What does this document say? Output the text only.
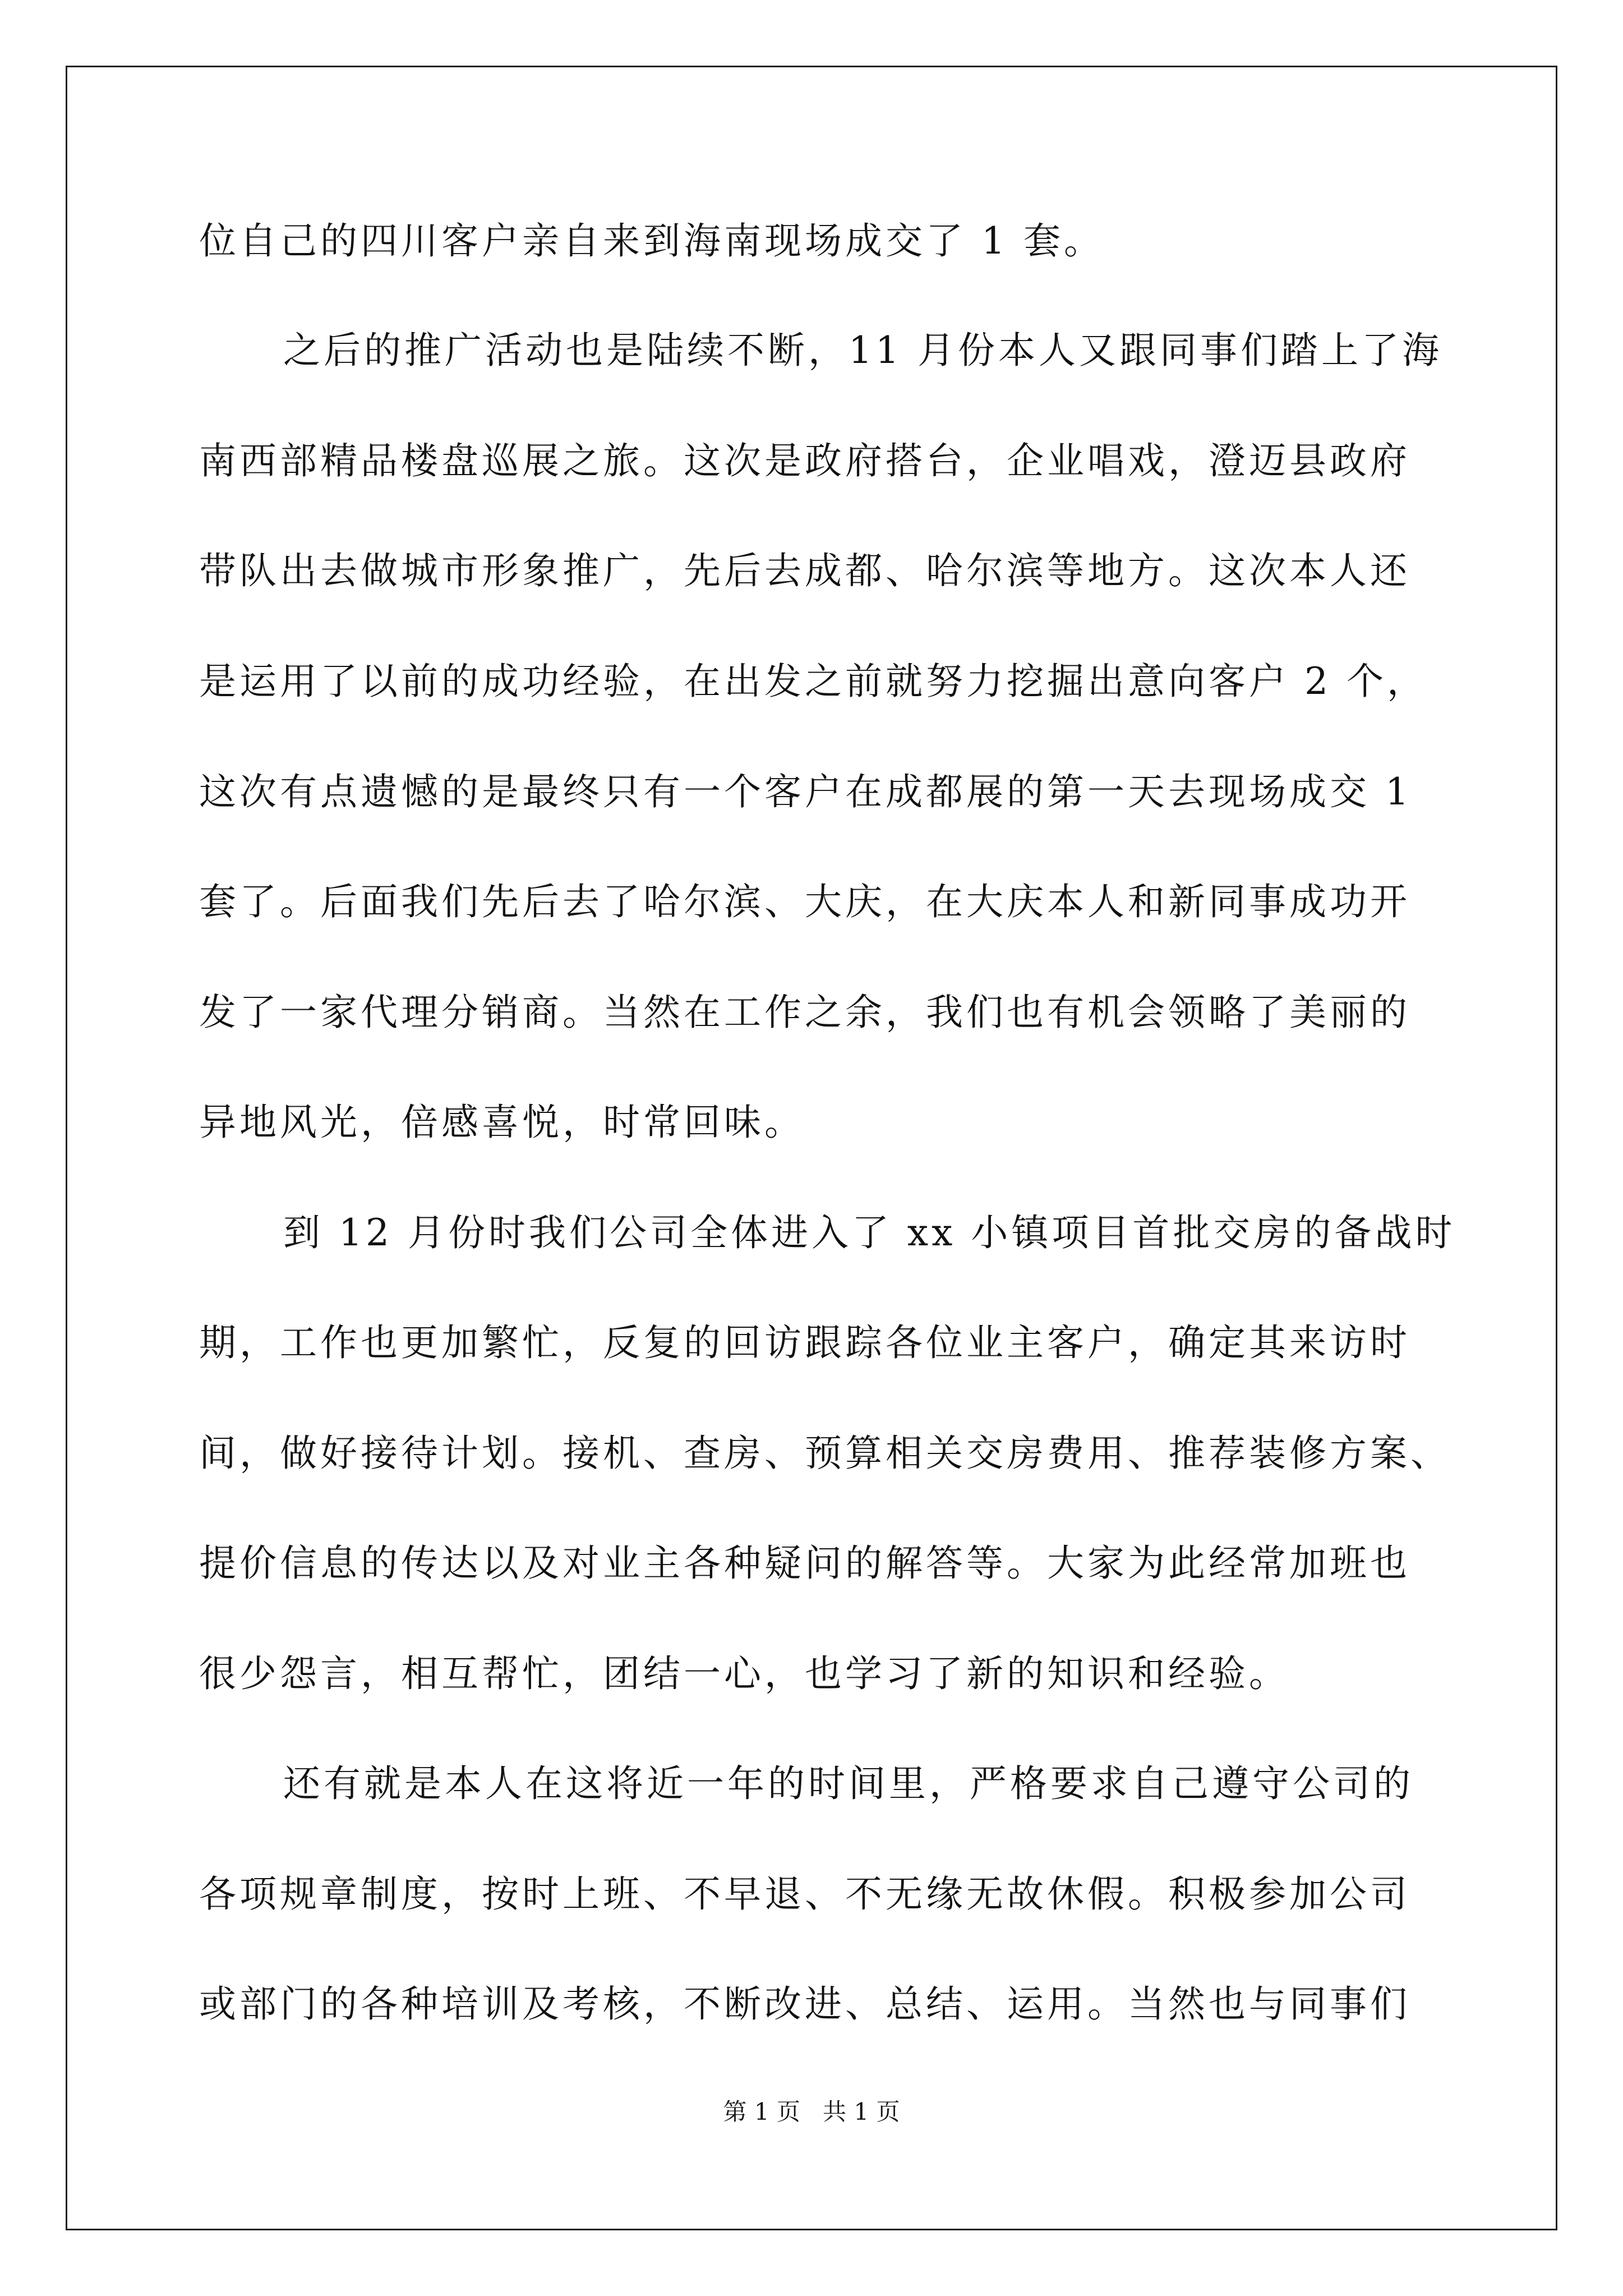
位自己的四川客户亲自来到海南现场成交了 1 套。
之后的推广活动也是陆续不断，11 月份本人又跟同事们踏上了海
南西部精品楼盘巡展之旅。这次是政府搭台，企业唱戏，澄迈县政府
带队出去做城市形象推广，先后去成都、哈尔滨等地方。这次本人还
是运用了以前的成功经验，在出发之前就努力挖掘出意向客户 2 个，
这次有点遗憾的是最终只有一个客户在成都展的第一天去现场成交 1
套了。后面我们先后去了哈尔滨、大庆，在大庆本人和新同事成功开
发了一家代理分销商。当然在工作之余，我们也有机会领略了美丽的
异地风光，倍感喜悦，时常回味。
到 12 月份时我们公司全体进入了 xx 小镇项目首批交房的备战时
期，工作也更加繁忙，反复的回访跟踪各位业主客户，确定其来访时
间，做好接待计划。接机、查房、预算相关交房费用、推荐装修方案、
提价信息的传达以及对业主各种疑问的解答等。大家为此经常加班也
很少怨言，相互帮忙，团结一心，也学习了新的知识和经验。
还有就是本人在这将近一年的时间里，严格要求自己遵守公司的
各项规章制度，按时上班、不早退、不无缘无故休假。积极参加公司
或部门的各种培训及考核，不断改进、总结、运用。当然也与同事们
第 1 页   共 1 页
